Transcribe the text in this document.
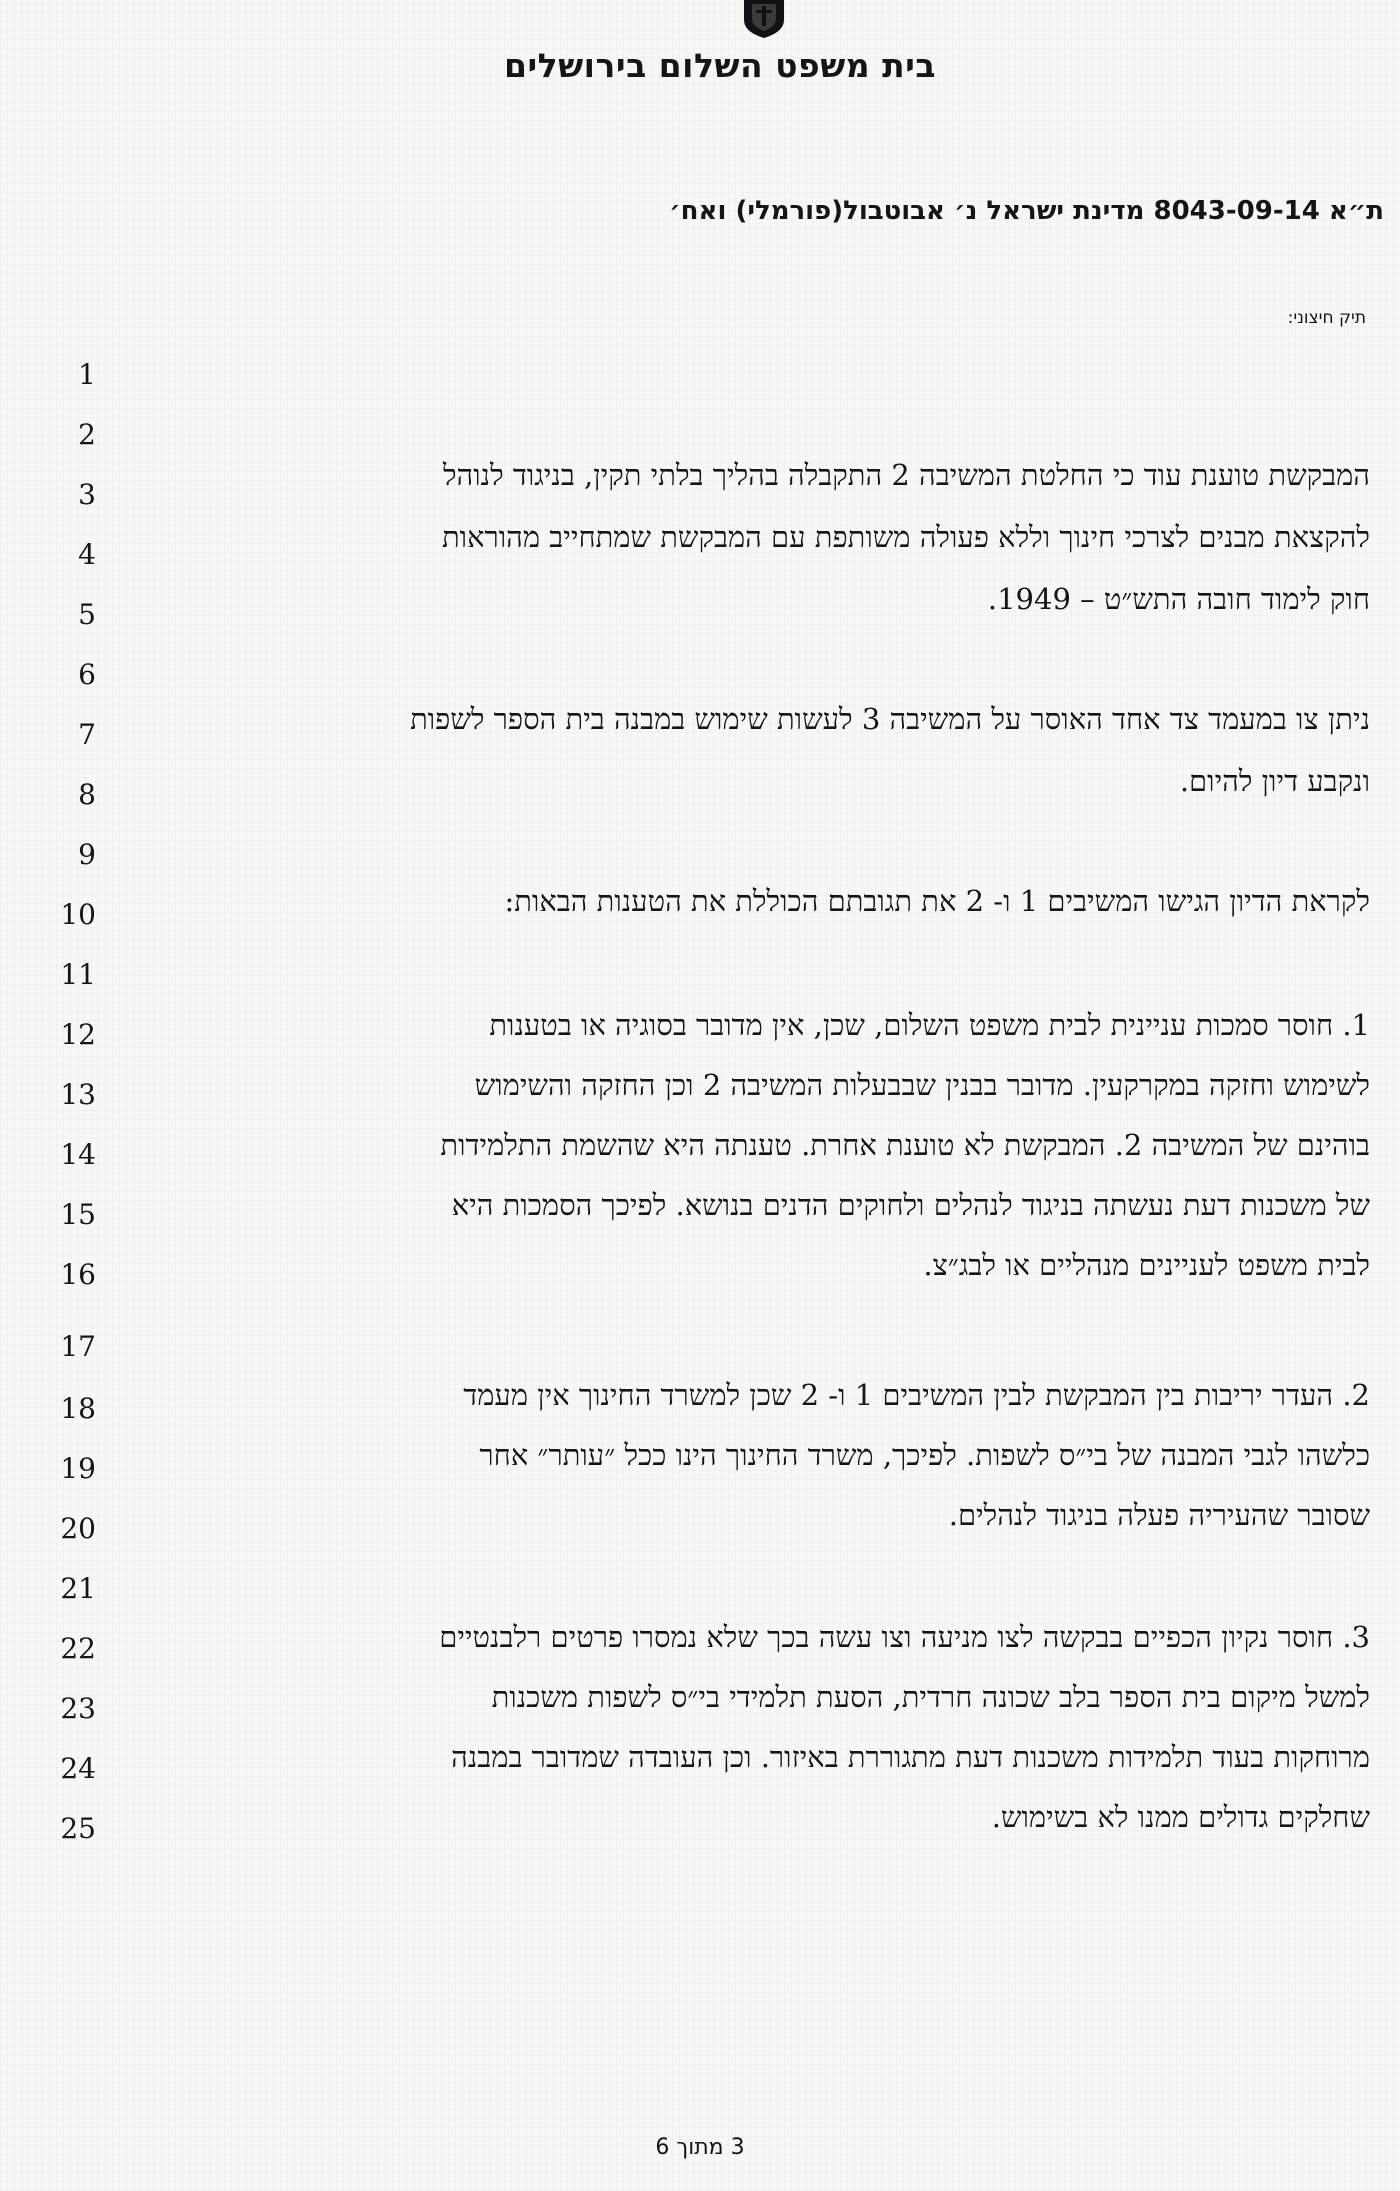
בית משפט השלום בירושלים
ת״א 8043-09-14 מדינת ישראל נ׳ אבוטבול(פורמלי) ואח׳
תיק חיצוני:
1
2
3
4
5
6
7
8
9
10
11
12
13
14
15
16
17
18
19
20
21
22
23
24
25
המבקשת טוענת עוד כי החלטת המשיבה 2 התקבלה בהליך בלתי תקין, בניגוד לנוהל
להקצאת מבנים לצרכי חינוך וללא פעולה משותפת עם המבקשת שמתחייב מהוראות
חוק לימוד חובה התש״ט – 1949.
ניתן צו במעמד צד אחד האוסר על המשיבה 3 לעשות שימוש במבנה בית הספר לשפות
ונקבע דיון להיום.
לקראת הדיון הגישו המשיבים 1 ו- 2 את תגובתם הכוללת את הטענות הבאות:
1. חוסר סמכות עניינית לבית משפט השלום, שכן, אין מדובר בסוגיה או בטענות
לשימוש וחזקה במקרקעין. מדובר בבנין שבבעלות המשיבה 2 וכן החזקה והשימוש
בוהינם של המשיבה 2. המבקשת לא טוענת אחרת. טענתה היא שהשמת התלמידות
של משכנות דעת נעשתה בניגוד לנהלים ולחוקים הדנים בנושא. לפיכך הסמכות היא
לבית משפט לעניינים מנהליים או לבג״צ.
2. העדר יריבות בין המבקשת לבין המשיבים 1 ו- 2 שכן למשרד החינוך אין מעמד
כלשהו לגבי המבנה של בי״ס לשפות. לפיכך, משרד החינוך הינו ככל ״עותר״ אחר
שסובר שהעיריה פעלה בניגוד לנהלים.
3. חוסר נקיון הכפיים בבקשה לצו מניעה וצו עשה בכך שלא נמסרו פרטים רלבנטיים
למשל מיקום בית הספר בלב שכונה חרדית, הסעת תלמידי בי״ס לשפות משכנות
מרוחקות בעוד תלמידות משכנות דעת מתגוררת באיזור. וכן העובדה שמדובר במבנה
שחלקים גדולים ממנו לא בשימוש.
3 מתוך 6
